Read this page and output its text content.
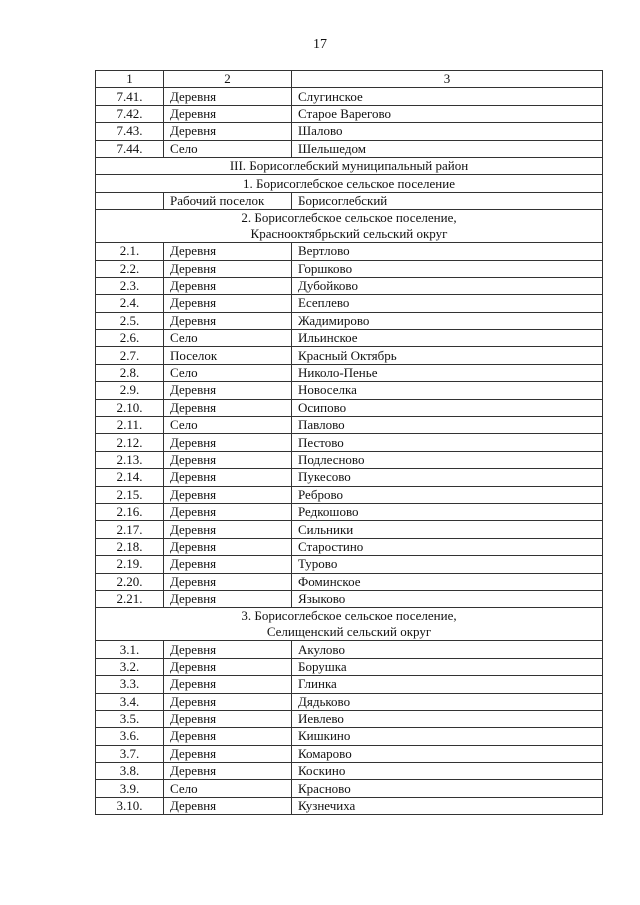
17
1	2	3
7.41.	Деревня	Слугинское
7.42.	Деревня	Старое Варегово
7.43.	Деревня	Шалово
7.44.	Село	Шельшедом

III. Борисоглебский муниципальный район		

1. Борисоглебское сельское поселение		

	Рабочий поселок	Борисоглебский

2. Борисоглебское сельское поселение,
Краснооктябрьский сельский округ		

2.1.	Деревня	Вертлово
2.2.	Деревня	Горшково
2.3.	Деревня	Дубойково
2.4.	Деревня	Есеплево
2.5.	Деревня	Жадимирово
2.6.	Село	Ильинское
2.7.	Поселок	Красный Октябрь
2.8.	Село	Николо-Пенье
2.9.	Деревня	Новоселка
2.10.	Деревня	Осипово
2.11.	Село	Павлово
2.12.	Деревня	Пестово
2.13.	Деревня	Подлесново
2.14.	Деревня	Пукесово
2.15.	Деревня	Реброво
2.16.	Деревня	Редкошово
2.17.	Деревня	Сильники
2.18.	Деревня	Старостино
2.19.	Деревня	Турово
2.20.	Деревня	Фоминское
2.21.	Деревня	Языково

3. Борисоглебское сельское поселение,
Селищенский сельский округ		

3.1.	Деревня	Акулово
3.2.	Деревня	Борушка
3.3.	Деревня	Глинка
3.4.	Деревня	Дядьково
3.5.	Деревня	Иевлево
3.6.	Деревня	Кишкино
3.7.	Деревня	Комарово
3.8.	Деревня	Коскино
3.9.	Село	Красново
3.10.	Деревня	Кузнечиха
